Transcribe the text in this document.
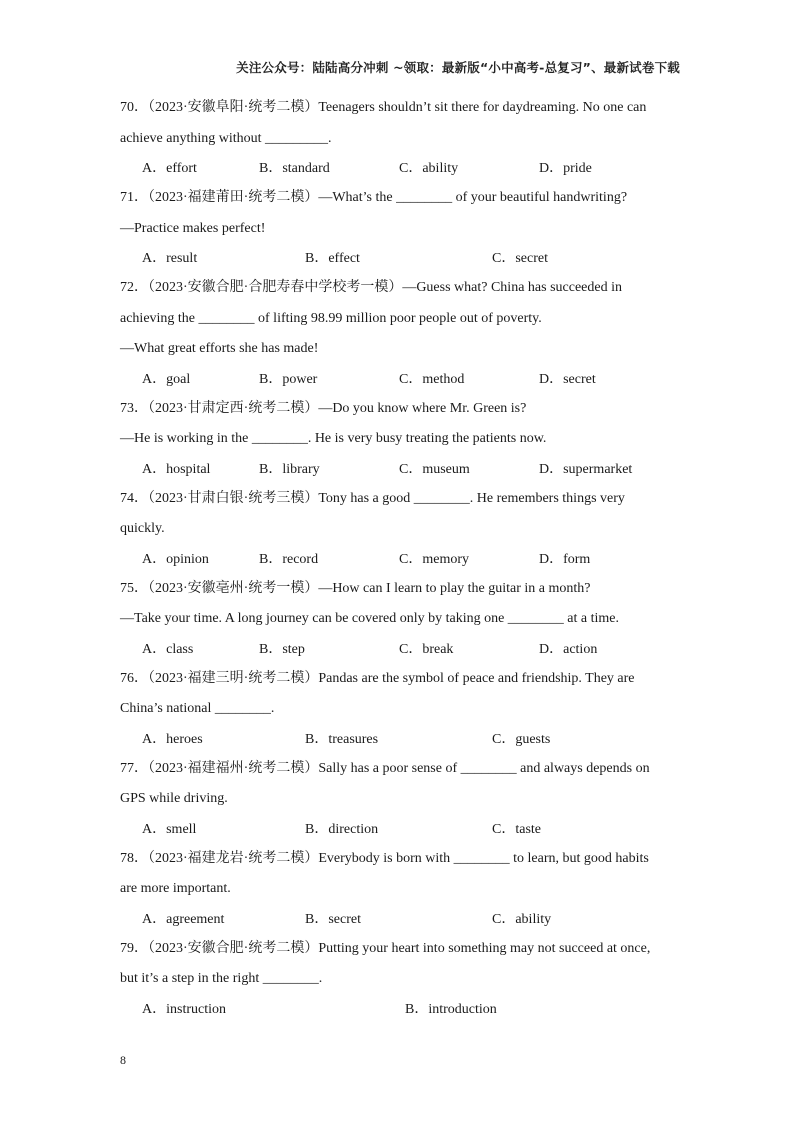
关注公众号：陆陆高分冲刺 ~领取：最新版“小中高考-总复习”、最新试卷下载
70．（2023·安徽阜阳·统考二模）Teenagers shouldn’t sit there for daydreaming. No one can
achieve anything without _________.
A．effort	B．standard	C．ability	D．pride
71．（2023·福建莆田·统考二模）—What’s the ________ of your beautiful handwriting?
—Practice makes perfect!
A．result	B．effect	C．secret
72．（2023·安徽合肥·合肥寿春中学校考一模）—Guess what? China has succeeded in
achieving the ________ of lifting 98.99 million poor people out of poverty.
—What great efforts she has made!
A．goal	B．power	C．method	D．secret
73．（2023·甘肃定西·统考二模）—Do you know where Mr. Green is?
—He is working in the ________. He is very busy treating the patients now.
A．hospital	B．library	C．museum	D．supermarket
74．（2023·甘肃白银·统考三模）Tony has a good ________. He remembers things very
quickly.
A．opinion	B．record	C．memory	D．form
75．（2023·安徽亳州·统考一模）—How can I learn to play the guitar in a month?
—Take your time. A long journey can be covered only by taking one ________ at a time.
A．class	B．step	C．break	D．action
76．（2023·福建三明·统考二模）Pandas are the symbol of peace and friendship. They are
China’s national ________.
A．heroes	B．treasures	C．guests
77．（2023·福建福州·统考二模）Sally has a poor sense of ________ and always depends on
GPS while driving.
A．smell	B．direction	C．taste
78．（2023·福建龙岩·统考二模）Everybody is born with ________ to learn, but good habits
are more important.
A．agreement	B．secret	C．ability
79．（2023·安徽合肥·统考二模）Putting your heart into something may not succeed at once,
but it’s a step in the right ________.
A．instruction	B．introduction
8
